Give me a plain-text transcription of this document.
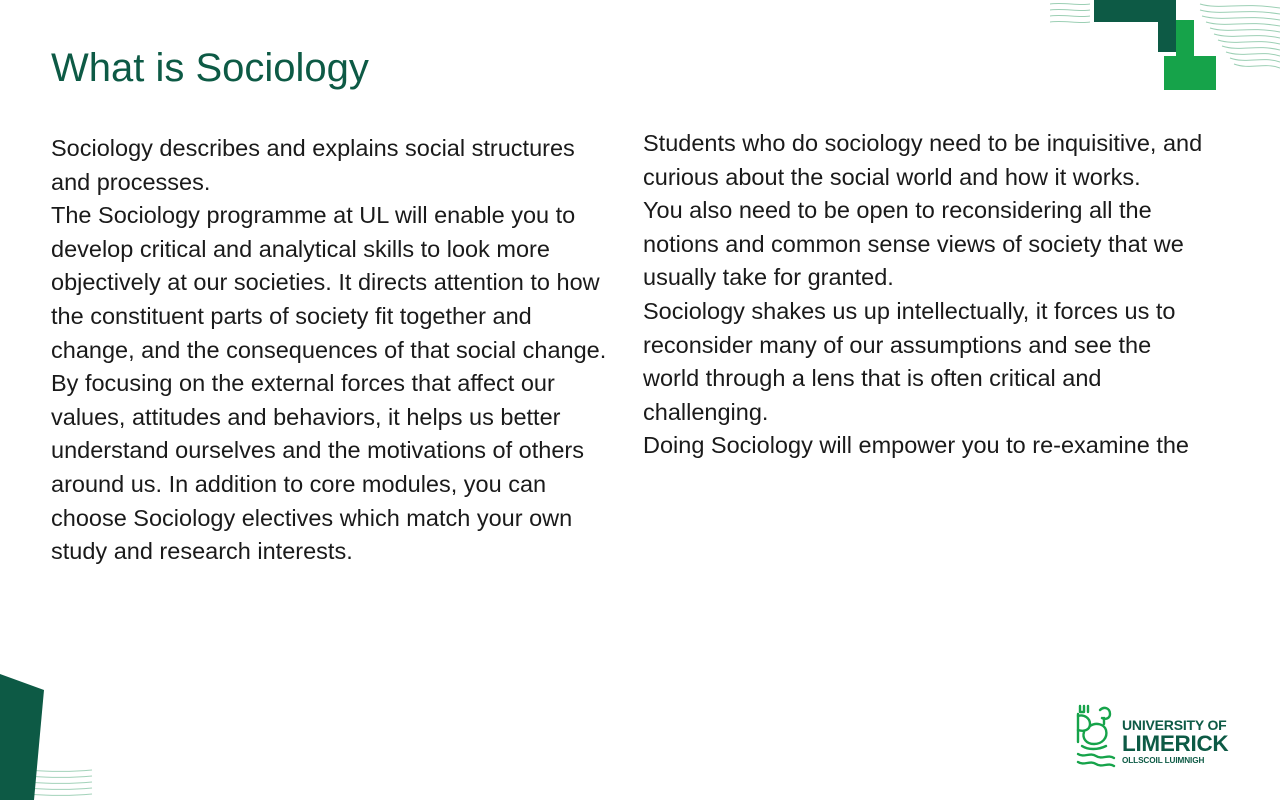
What is Sociology

Sociology describes and explains social structures and processes.

The Sociology programme at UL will enable you to develop critical and analytical skills to look more objectively at our societies. It directs attention to how the constituent parts of society fit together and change, and the consequences of that social change. By focusing on the external forces that affect our values, attitudes and behaviors, it helps us better understand ourselves and the motivations of others around us. In addition to core modules, you can choose Sociology electives which match your own study and research interests.

Students who do sociology need to be inquisitive, and curious about the social world and how it works.

You also need to be open to reconsidering all the notions and common sense views of society that we usually take for granted.

Sociology shakes us up intellectually, it forces us to reconsider many of our assumptions and see the world through a lens that is often critical and challenging.

Doing Sociology will empower you to re-examine the

UNIVERSITY OF
LIMERICK
OLLSCOIL LUIMNIGH
